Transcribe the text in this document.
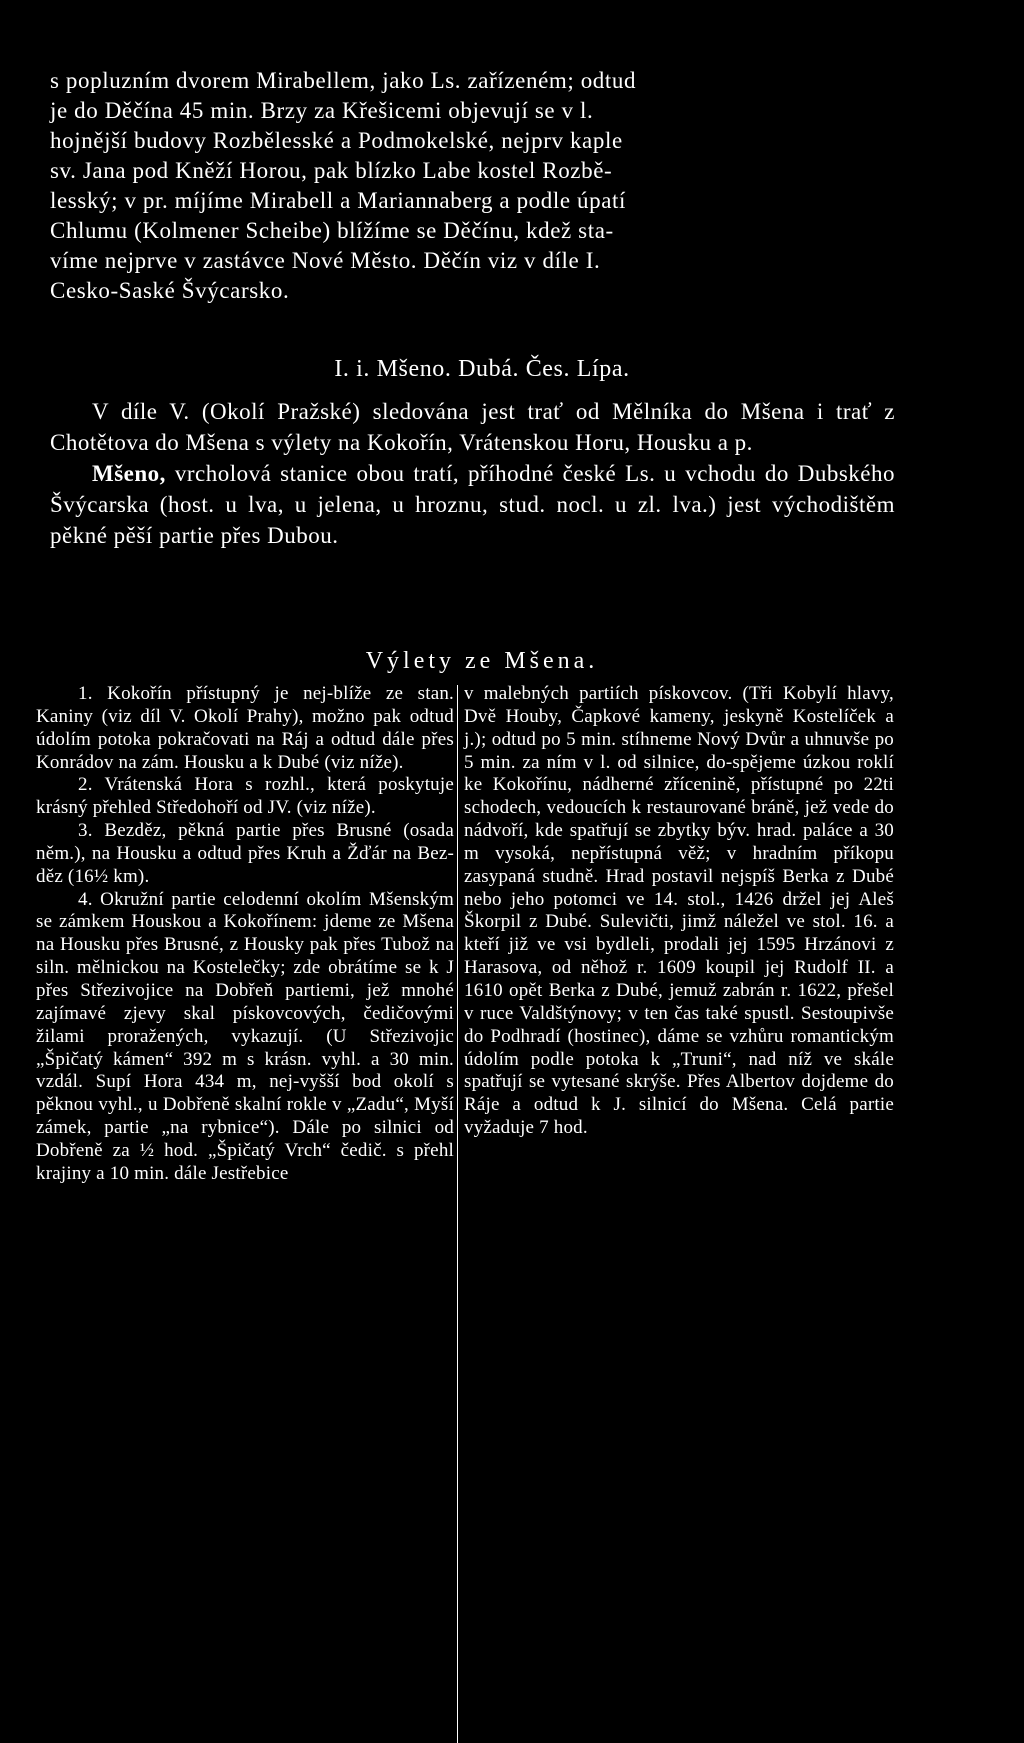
s popluzním dvorem Mirabellem, jako Ls. zařízeném; odtud

je do Děčína 45 min. Brzy za Křešicemi objevují se v l.

hojnější budovy Rozbělesské a Podmokelské, nejprv kaple

sv. Jana pod Kněží Horou, pak blízko Labe kostel Rozbě-

lesský; v pr. míjíme Mirabell a Mariannaberg a podle úpatí

Chlumu (Kolmener Scheibe) blížíme se Děčínu, kdež sta-

víme nejprve v zastávce Nové Město. Děčín viz v díle I.

Cesko-Saské Švýcarsko.

I. i. Mšeno. Dubá. Čes. Lípa.

V díle V. (Okolí Pražské) sledována jest trať od Mělníka do Mšena i trať z Chotětova do Mšena s výlety na Kokořín, Vrátenskou Horu, Housku a p.

Mšeno, vrcholová stanice obou tratí, příhodné české Ls. u vchodu do Dubského Švýcarska (host. u lva, u jelena, u hroznu, stud. nocl. u zl. lva.) jest východištěm pěkné pěší partie přes Dubou.

Výlety ze Mšena.

1. Kokořín přístupný je nej-blíže ze stan. Kaniny (viz díl V. Okolí Prahy), možno pak odtud údolím potoka pokračovati na Ráj a odtud dále přes Konrádov na zám. Housku a k Dubé (viz níže).

2. Vrátenská Hora s rozhl., která poskytuje krásný přehled Středohoří od JV. (viz níže).

3. Bezděz, pěkná partie přes Brusné (osada něm.), na Housku a odtud přes Kruh a Žďár na Bez-děz (16½ km).

4. Okružní partie celodenní okolím Mšenským se zámkem Houskou a Kokořínem: jdeme ze Mšena na Housku přes Brusné, z Housky pak přes Tubož na siln. mělnickou na Kostelečky; zde obrátíme se k J přes Střezivojice na Dobřeň partiemi, jež mnohé zajímavé zjevy skal pískovcových, čedičovými žilami proražených, vykazují. (U Střezivojic „Špičatý kámen“ 392 m s krásn. vyhl. a 30 min. vzdál. Supí Hora 434 m, nej-vyšší bod okolí s pěknou vyhl., u Dobřeně skalní rokle v „Zadu“, Myší zámek, partie „na rybnice“). Dále po silnici od Dobřeně za ½ hod. „Špičatý Vrch“ čedič. s přehl krajiny a 10 min. dále Jestřebice

v malebných partiích pískovcov. (Tři Kobylí hlavy, Dvě Houby, Čapkové kameny, jeskyně Kostelíček a j.); odtud po 5 min. stíhneme Nový Dvůr a uhnuvše po 5 min. za ním v l. od silnice, do-spějeme úzkou roklí ke Kokořínu, nádherné zřícenině, přístupné po 22ti schodech, vedoucích k restaurované bráně, jež vede do nádvoří, kde spatřují se zbytky býv. hrad. paláce a 30 m vysoká, nepřístupná věž; v hradním příkopu zasypaná studně. Hrad postavil nejspíš Berka z Dubé nebo jeho potomci ve 14. stol., 1426 držel jej Aleš Škorpil z Dubé. Sulevičti, jimž náležel ve stol. 16. a kteří již ve vsi bydleli, prodali jej 1595 Hrzánovi z Harasova, od něhož r. 1609 koupil jej Rudolf II. a 1610 opět Berka z Dubé, jemuž zabrán r. 1622, přešel v ruce Valdštýnovy; v ten čas také spustl. Sestoupivše do Podhradí (hostinec), dáme se vzhůru romantickým údolím podle potoka k „Truni“, nad níž ve skále spatřují se vytesané skrýše. Přes Albertov dojdeme do Ráje a odtud k J. silnicí do Mšena. Celá partie vyžaduje 7 hod.
